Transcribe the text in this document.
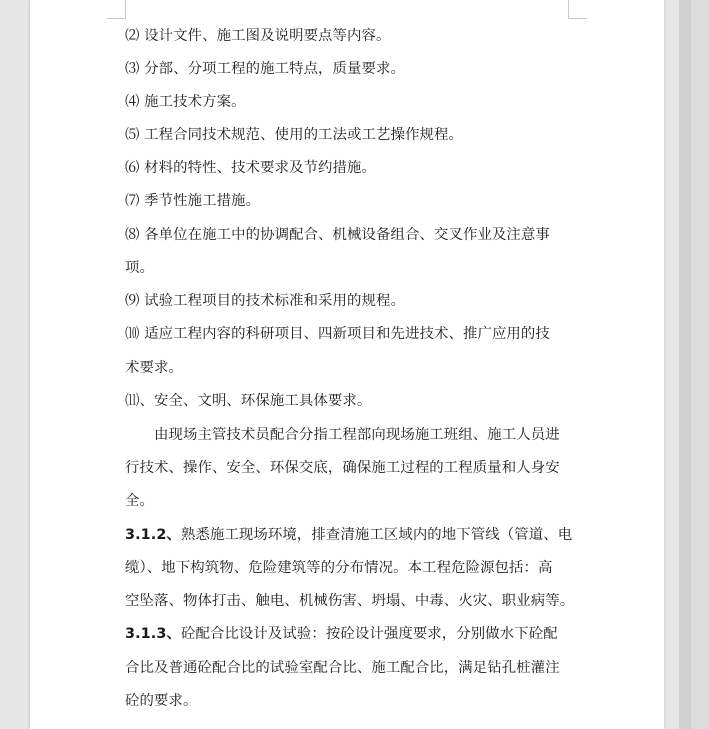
⑵ 设计文件、施工图及说明要点等内容。
⑶ 分部、分项工程的施工特点，质量要求。
⑷ 施工技术方案。
⑸ 工程合同技术规范、使用的工法或工艺操作规程。
⑹ 材料的特性、技术要求及节约措施。
⑺ 季节性施工措施。
⑻ 各单位在施工中的协调配合、机械设备组合、交叉作业及注意事
项。
⑼ 试验工程项目的技术标准和采用的规程。
⑽ 适应工程内容的科研项目、四新项目和先进技术、推广应用的技
术要求。
⑾、安全、文明、环保施工具体要求。
　　由现场主管技术员配合分指工程部向现场施工班组、施工人员进
行技术、操作、安全、环保交底，确保施工过程的工程质量和人身安
全。
3.1.2、熟悉施工现场环境，排查清施工区域内的地下管线（管道、电
缆）、地下构筑物、危险建筑等的分布情况。本工程危险源包括：高
空坠落、物体打击、触电、机械伤害、坍塌、中毒、火灾、职业病等。
3.1.3、砼配合比设计及试验：按砼设计强度要求，分别做水下砼配
合比及普通砼配合比的试验室配合比、施工配合比，满足钻孔桩灌注
砼的要求。
